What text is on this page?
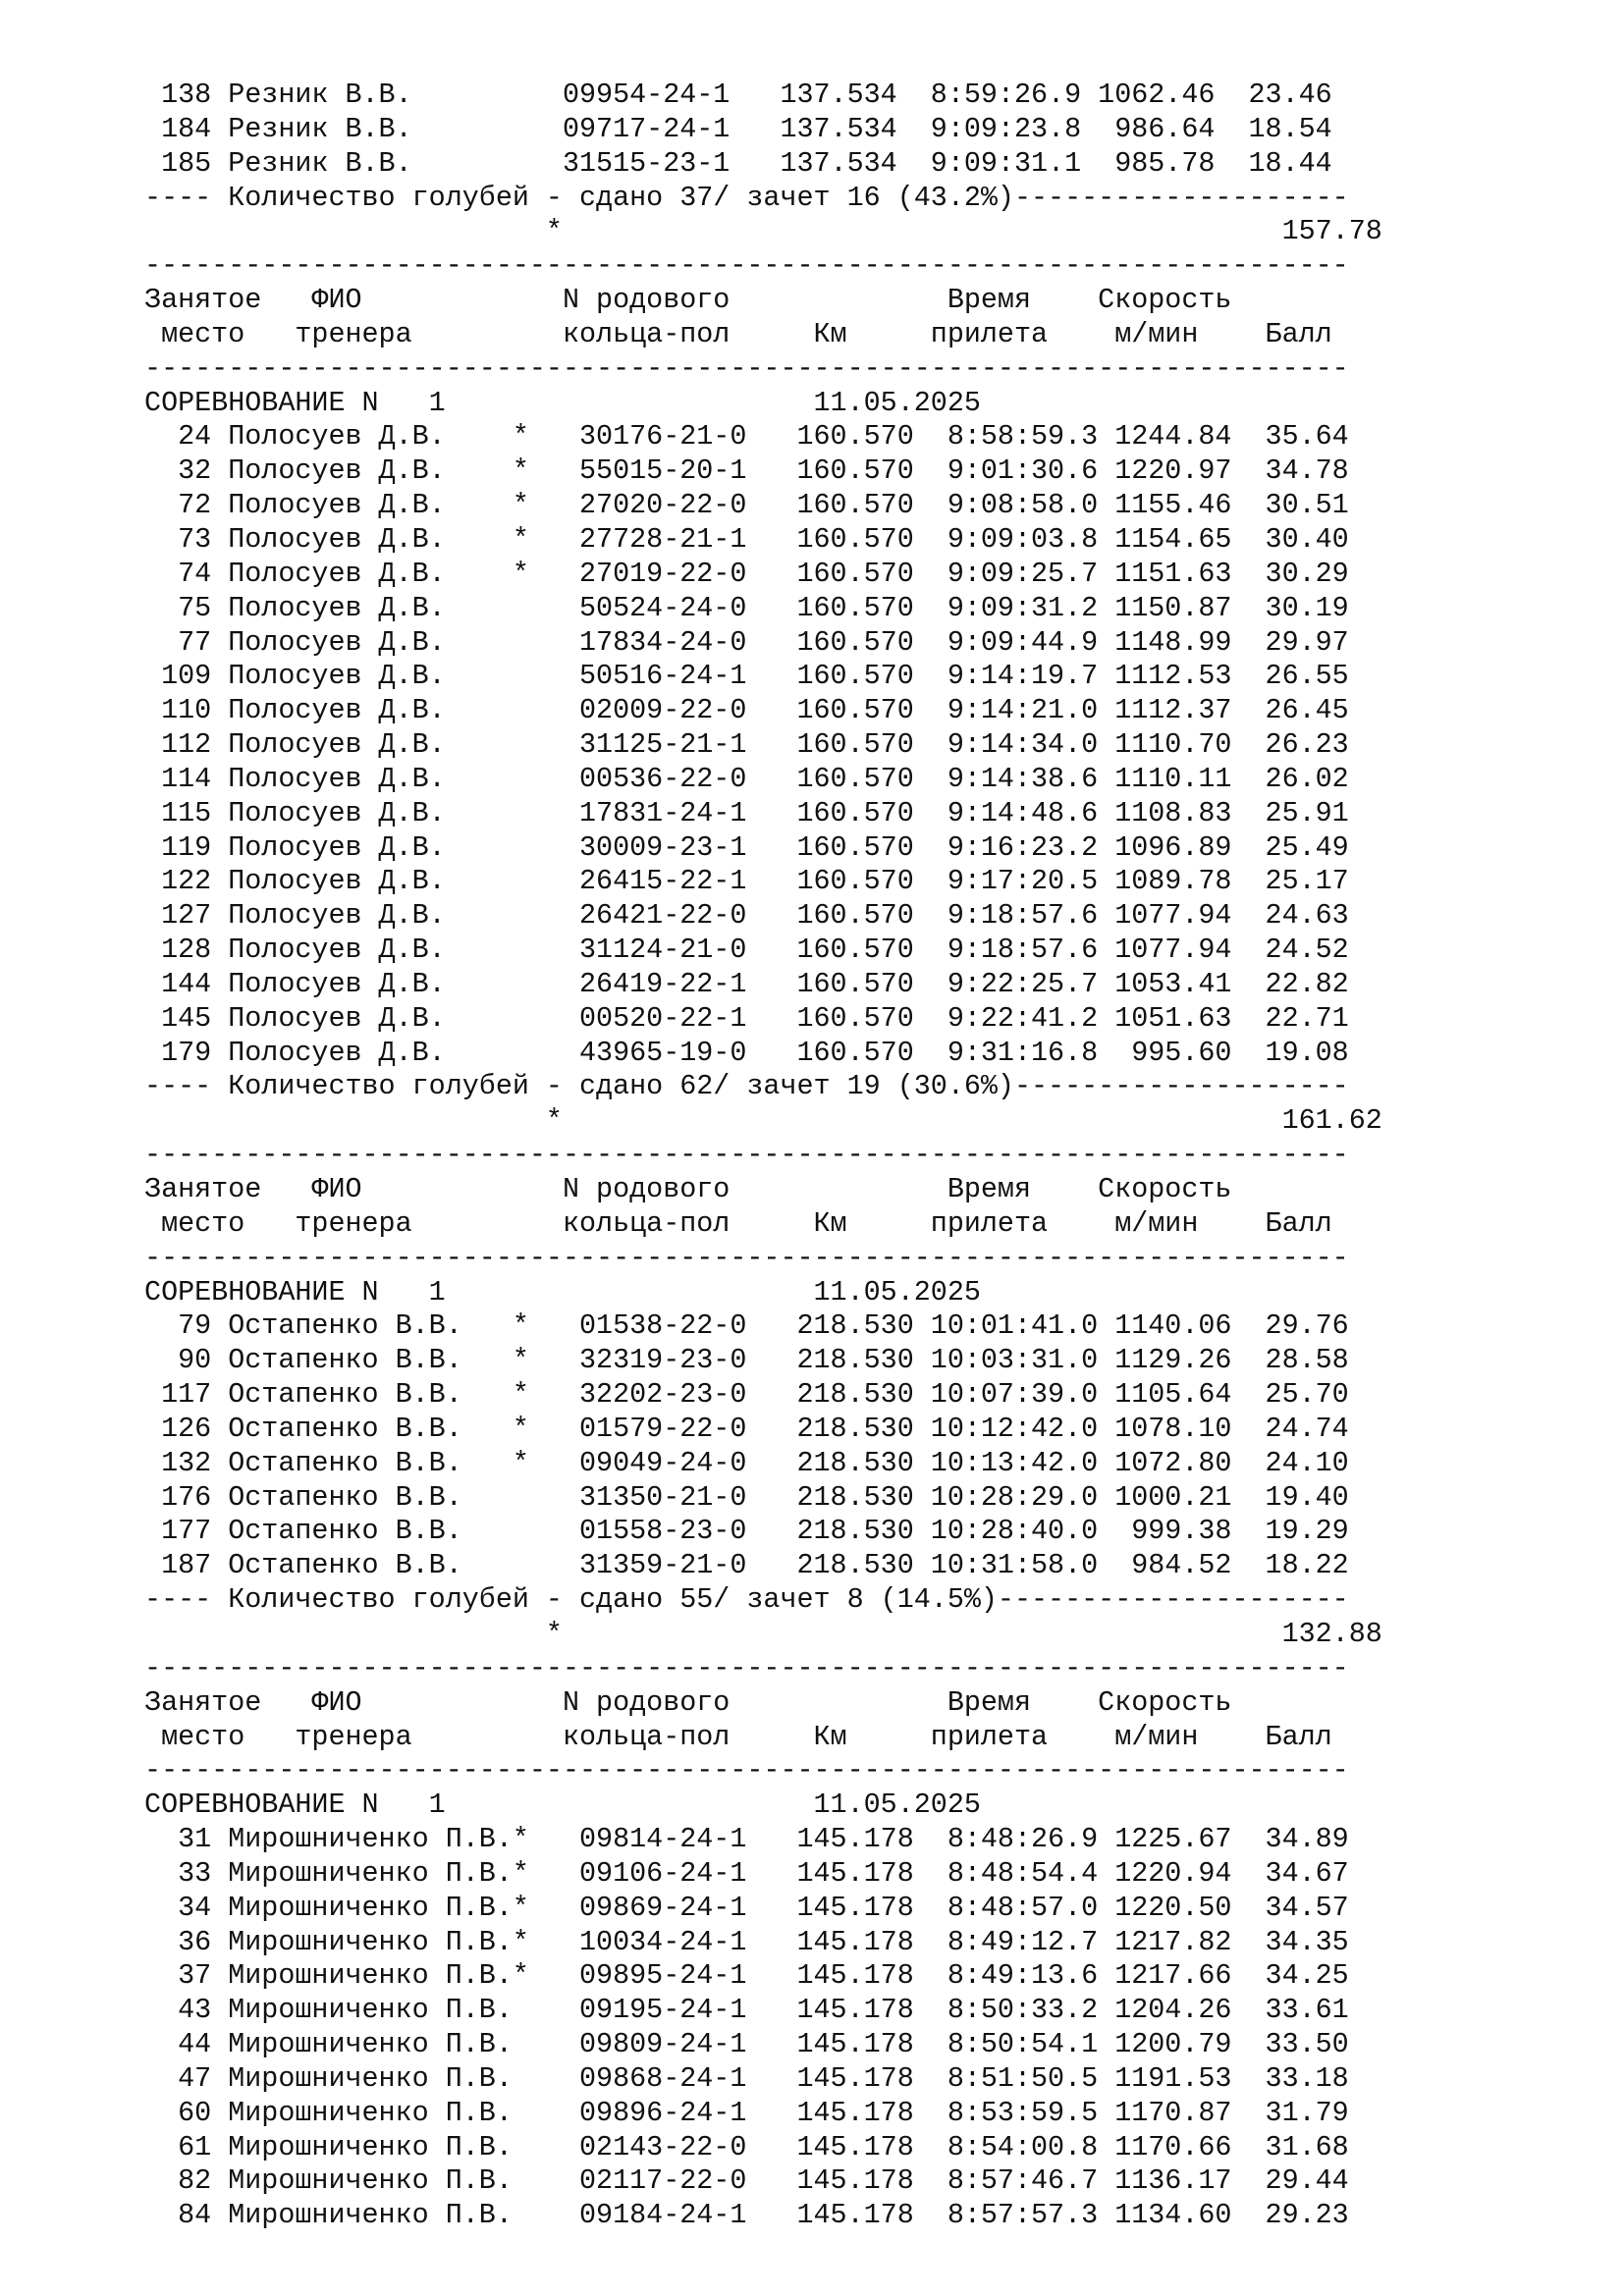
138 Резник В.В.         09954-24-1   137.534  8:59:26.9 1062.46  23.46
184 Резник В.В.         09717-24-1   137.534  9:09:23.8  986.64  18.54
185 Резник В.В.         31515-23-1   137.534  9:09:31.1  985.78  18.44
---- Количество голубей - сдано 37/ зачет 16 (43.2%)--------------------
*                                           157.78
------------------------------------------------------------------------
Занятое   ФИО            N родового             Время    Скорость
место   тренера         кольца-пол     Км     прилета    м/мин    Балл
------------------------------------------------------------------------
СОРЕВНОВАНИЕ N   1                      11.05.2025
24 Полосуев Д.В.    *   30176-21-0   160.570  8:58:59.3 1244.84  35.64
32 Полосуев Д.В.    *   55015-20-1   160.570  9:01:30.6 1220.97  34.78
72 Полосуев Д.В.    *   27020-22-0   160.570  9:08:58.0 1155.46  30.51
73 Полосуев Д.В.    *   27728-21-1   160.570  9:09:03.8 1154.65  30.40
74 Полосуев Д.В.    *   27019-22-0   160.570  9:09:25.7 1151.63  30.29
75 Полосуев Д.В.        50524-24-0   160.570  9:09:31.2 1150.87  30.19
77 Полосуев Д.В.        17834-24-0   160.570  9:09:44.9 1148.99  29.97
109 Полосуев Д.В.        50516-24-1   160.570  9:14:19.7 1112.53  26.55
110 Полосуев Д.В.        02009-22-0   160.570  9:14:21.0 1112.37  26.45
112 Полосуев Д.В.        31125-21-1   160.570  9:14:34.0 1110.70  26.23
114 Полосуев Д.В.        00536-22-0   160.570  9:14:38.6 1110.11  26.02
115 Полосуев Д.В.        17831-24-1   160.570  9:14:48.6 1108.83  25.91
119 Полосуев Д.В.        30009-23-1   160.570  9:16:23.2 1096.89  25.49
122 Полосуев Д.В.        26415-22-1   160.570  9:17:20.5 1089.78  25.17
127 Полосуев Д.В.        26421-22-0   160.570  9:18:57.6 1077.94  24.63
128 Полосуев Д.В.        31124-21-0   160.570  9:18:57.6 1077.94  24.52
144 Полосуев Д.В.        26419-22-1   160.570  9:22:25.7 1053.41  22.82
145 Полосуев Д.В.        00520-22-1   160.570  9:22:41.2 1051.63  22.71
179 Полосуев Д.В.        43965-19-0   160.570  9:31:16.8  995.60  19.08
---- Количество голубей - сдано 62/ зачет 19 (30.6%)--------------------
*                                           161.62
------------------------------------------------------------------------
Занятое   ФИО            N родового             Время    Скорость
место   тренера         кольца-пол     Км     прилета    м/мин    Балл
------------------------------------------------------------------------
СОРЕВНОВАНИЕ N   1                      11.05.2025
79 Остапенко В.В.   *   01538-22-0   218.530 10:01:41.0 1140.06  29.76
90 Остапенко В.В.   *   32319-23-0   218.530 10:03:31.0 1129.26  28.58
117 Остапенко В.В.   *   32202-23-0   218.530 10:07:39.0 1105.64  25.70
126 Остапенко В.В.   *   01579-22-0   218.530 10:12:42.0 1078.10  24.74
132 Остапенко В.В.   *   09049-24-0   218.530 10:13:42.0 1072.80  24.10
176 Остапенко В.В.       31350-21-0   218.530 10:28:29.0 1000.21  19.40
177 Остапенко В.В.       01558-23-0   218.530 10:28:40.0  999.38  19.29
187 Остапенко В.В.       31359-21-0   218.530 10:31:58.0  984.52  18.22
---- Количество голубей - сдано 55/ зачет 8 (14.5%)---------------------
*                                           132.88
------------------------------------------------------------------------
Занятое   ФИО            N родового             Время    Скорость
место   тренера         кольца-пол     Км     прилета    м/мин    Балл
------------------------------------------------------------------------
СОРЕВНОВАНИЕ N   1                      11.05.2025
31 Мирошниченко П.В.*   09814-24-1   145.178  8:48:26.9 1225.67  34.89
33 Мирошниченко П.В.*   09106-24-1   145.178  8:48:54.4 1220.94  34.67
34 Мирошниченко П.В.*   09869-24-1   145.178  8:48:57.0 1220.50  34.57
36 Мирошниченко П.В.*   10034-24-1   145.178  8:49:12.7 1217.82  34.35
37 Мирошниченко П.В.*   09895-24-1   145.178  8:49:13.6 1217.66  34.25
43 Мирошниченко П.В.    09195-24-1   145.178  8:50:33.2 1204.26  33.61
44 Мирошниченко П.В.    09809-24-1   145.178  8:50:54.1 1200.79  33.50
47 Мирошниченко П.В.    09868-24-1   145.178  8:51:50.5 1191.53  33.18
60 Мирошниченко П.В.    09896-24-1   145.178  8:53:59.5 1170.87  31.79
61 Мирошниченко П.В.    02143-22-0   145.178  8:54:00.8 1170.66  31.68
82 Мирошниченко П.В.    02117-22-0   145.178  8:57:46.7 1136.17  29.44
84 Мирошниченко П.В.    09184-24-1   145.178  8:57:57.3 1134.60  29.23
